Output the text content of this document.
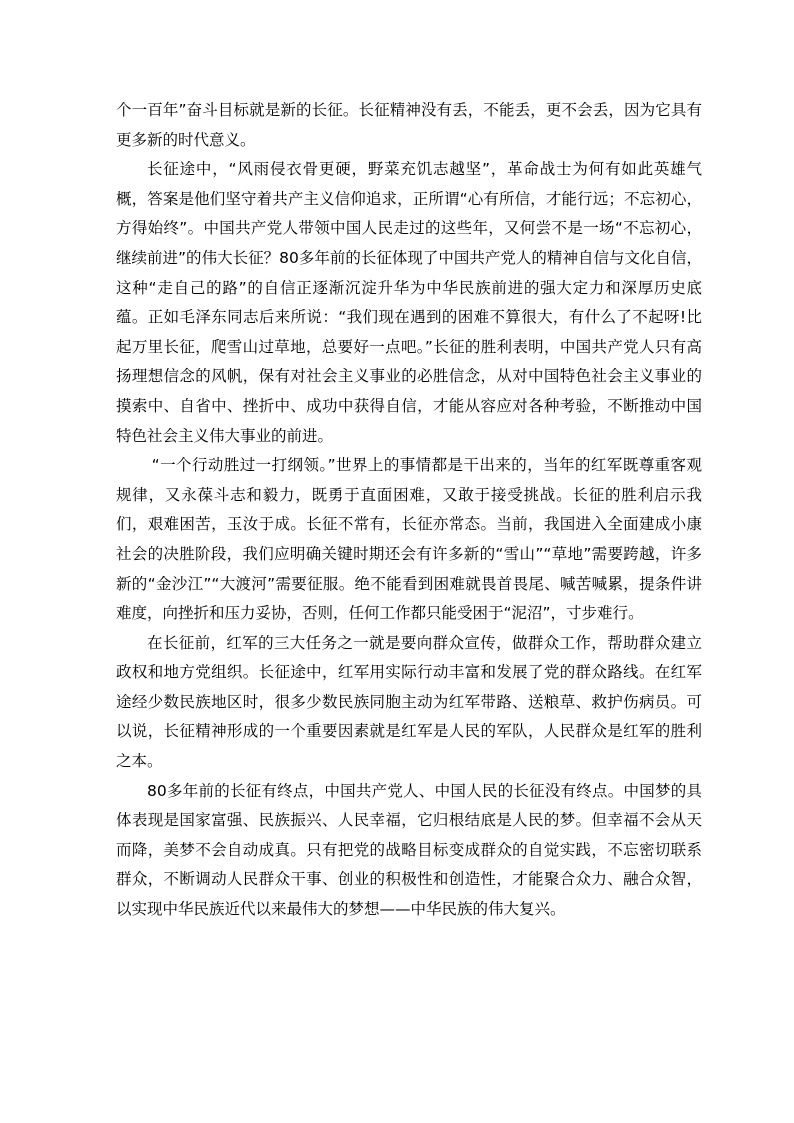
个一百年”奋斗目标就是新的长征。长征精神没有丢，不能丢，更不会丢，因为它具有更多新的时代意义。

长征途中，“风雨侵衣骨更硬，野菜充饥志越坚”，革命战士为何有如此英雄气概，答案是他们坚守着共产主义信仰追求，正所谓“心有所信，才能行远；不忘初心，方得始终”。中国共产党人带领中国人民走过的这些年，又何尝不是一场“不忘初心，继续前进”的伟大长征？80多年前的长征体现了中国共产党人的精神自信与文化自信，这种“走自己的路”的自信正逐渐沉淀升华为中华民族前进的强大定力和深厚历史底蕴。正如毛泽东同志后来所说：“我们现在遇到的困难不算很大，有什么了不起呀!比起万里长征，爬雪山过草地，总要好一点吧。”长征的胜利表明，中国共产党人只有高扬理想信念的风帆，保有对社会主义事业的必胜信念，从对中国特色社会主义事业的摸索中、自省中、挫折中、成功中获得自信，才能从容应对各种考验，不断推动中国特色社会主义伟大事业的前进。

“一个行动胜过一打纲领。”世界上的事情都是干出来的，当年的红军既尊重客观规律，又永葆斗志和毅力，既勇于直面困难，又敢于接受挑战。长征的胜利启示我们，艰难困苦，玉汝于成。长征不常有，长征亦常态。当前，我国进入全面建成小康社会的决胜阶段，我们应明确关键时期还会有许多新的“雪山”“草地”需要跨越，许多新的“金沙江”“大渡河”需要征服。绝不能看到困难就畏首畏尾、喊苦喊累，提条件讲难度，向挫折和压力妥协，否则，任何工作都只能受困于“泥沼”，寸步难行。

在长征前，红军的三大任务之一就是要向群众宣传，做群众工作，帮助群众建立政权和地方党组织。长征途中，红军用实际行动丰富和发展了党的群众路线。在红军途经少数民族地区时，很多少数民族同胞主动为红军带路、送粮草、救护伤病员。可以说，长征精神形成的一个重要因素就是红军是人民的军队，人民群众是红军的胜利之本。

80多年前的长征有终点，中国共产党人、中国人民的长征没有终点。中国梦的具体表现是国家富强、民族振兴、人民幸福，它归根结底是人民的梦。但幸福不会从天而降，美梦不会自动成真。只有把党的战略目标变成群众的自觉实践，不忘密切联系群众，不断调动人民群众干事、创业的积极性和创造性，才能聚合众力、融合众智，以实现中华民族近代以来最伟大的梦想——中华民族的伟大复兴。
